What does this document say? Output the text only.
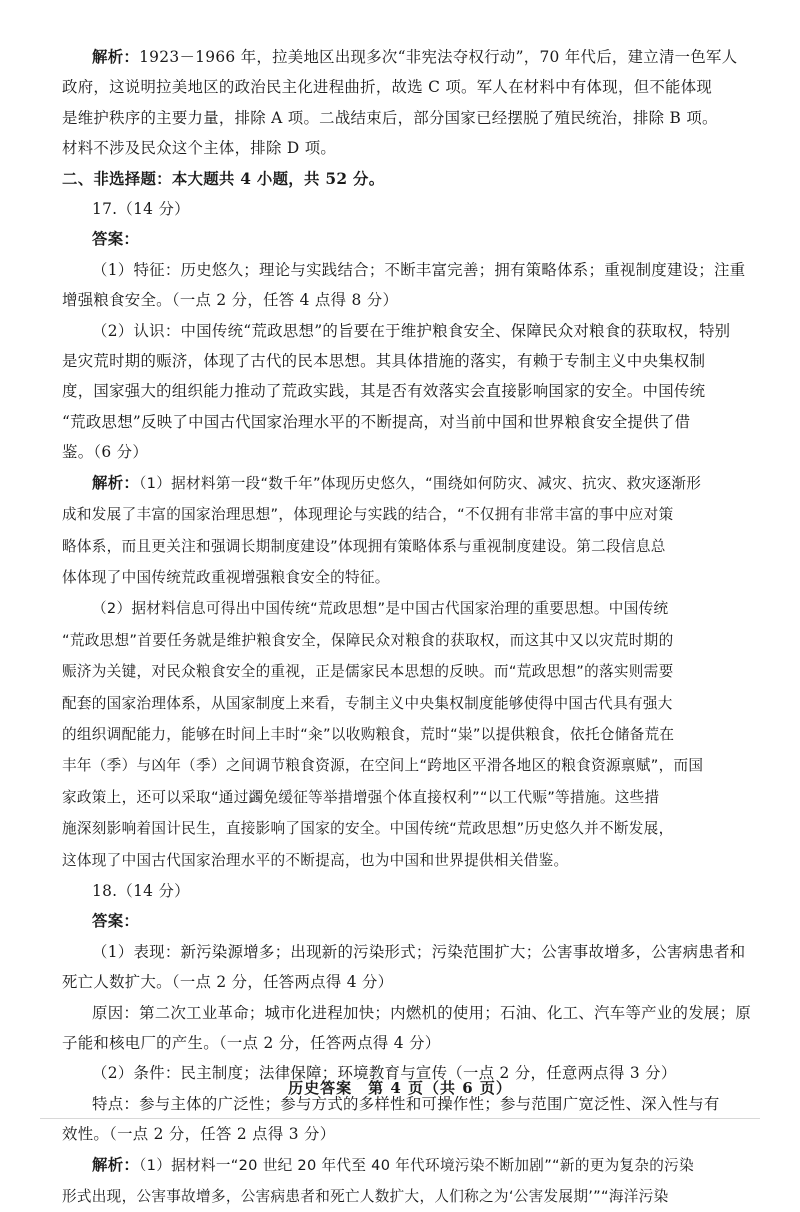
解析：1923－1966 年，拉美地区出现多次“非宪法夺权行动”，70 年代后，建立清一色军人
政府，这说明拉美地区的政治民主化进程曲折，故选 C 项。军人在材料中有体现，但不能体现
是维护秩序的主要力量，排除 A 项。二战结束后，部分国家已经摆脱了殖民统治，排除 B 项。
材料不涉及民众这个主体，排除 D 项。
二、非选择题：本大题共 4 小题，共 52 分。
17.（14 分）
答案：
（1）特征：历史悠久；理论与实践结合；不断丰富完善；拥有策略体系；重视制度建设；注重
增强粮食安全。（一点 2 分，任答 4 点得 8 分）
（2）认识：中国传统“荒政思想”的旨要在于维护粮食安全、保障民众对粮食的获取权，特别
是灾荒时期的赈济，体现了古代的民本思想。其具体措施的落实，有赖于专制主义中央集权制
度，国家强大的组织能力推动了荒政实践，其是否有效落实会直接影响国家的安全。中国传统
“荒政思想”反映了中国古代国家治理水平的不断提高，对当前中国和世界粮食安全提供了借
鉴。（6 分）
解析：（1）据材料第一段“数千年”体现历史悠久，“围绕如何防灾、减灾、抗灾、救灾逐渐形
成和发展了丰富的国家治理思想”，体现理论与实践的结合，“不仅拥有非常丰富的事中应对策
略体系，而且更关注和强调长期制度建设”体现拥有策略体系与重视制度建设。第二段信息总
体体现了中国传统荒政重视增强粮食安全的特征。
（2）据材料信息可得出中国传统“荒政思想”是中国古代国家治理的重要思想。中国传统
“荒政思想”首要任务就是维护粮食安全，保障民众对粮食的获取权，而这其中又以灾荒时期的
赈济为关键，对民众粮食安全的重视，正是儒家民本思想的反映。而“荒政思想”的落实则需要
配套的国家治理体系，从国家制度上来看，专制主义中央集权制度能够使得中国古代具有强大
的组织调配能力，能够在时间上丰时“籴”以收购粮食，荒时“粜”以提供粮食，依托仓储备荒在
丰年（季）与凶年（季）之间调节粮食资源，在空间上“跨地区平滑各地区的粮食资源禀赋”，而国
家政策上，还可以采取“通过蠲免缓征等举措增强个体直接权利”“以工代赈”等措施。这些措
施深刻影响着国计民生，直接影响了国家的安全。中国传统“荒政思想”历史悠久并不断发展，
这体现了中国古代国家治理水平的不断提高，也为中国和世界提供相关借鉴。
18.（14 分）
答案：
（1）表现：新污染源增多；出现新的污染形式；污染范围扩大；公害事故增多，公害病患者和
死亡人数扩大。（一点 2 分，任答两点得 4 分）
原因：第二次工业革命；城市化进程加快；内燃机的使用；石油、化工、汽车等产业的发展；原
子能和核电厂的产生。（一点 2 分，任答两点得 4 分）
（2）条件：民主制度；法律保障；环境教育与宣传（一点 2 分，任意两点得 3 分）
特点：参与主体的广泛性；参与方式的多样性和可操作性；参与范围广宽泛性、深入性与有
效性。（一点 2 分，任答 2 点得 3 分）
解析：（1）据材料一“20 世纪 20 年代至 40 年代环境污染不断加剧”“新的更为复杂的污染
形式出现，公害事故增多，公害病患者和死亡人数扩大，人们称之为‘公害发展期’”“海洋污染
历史答案　第 4 页（共 6 页）
